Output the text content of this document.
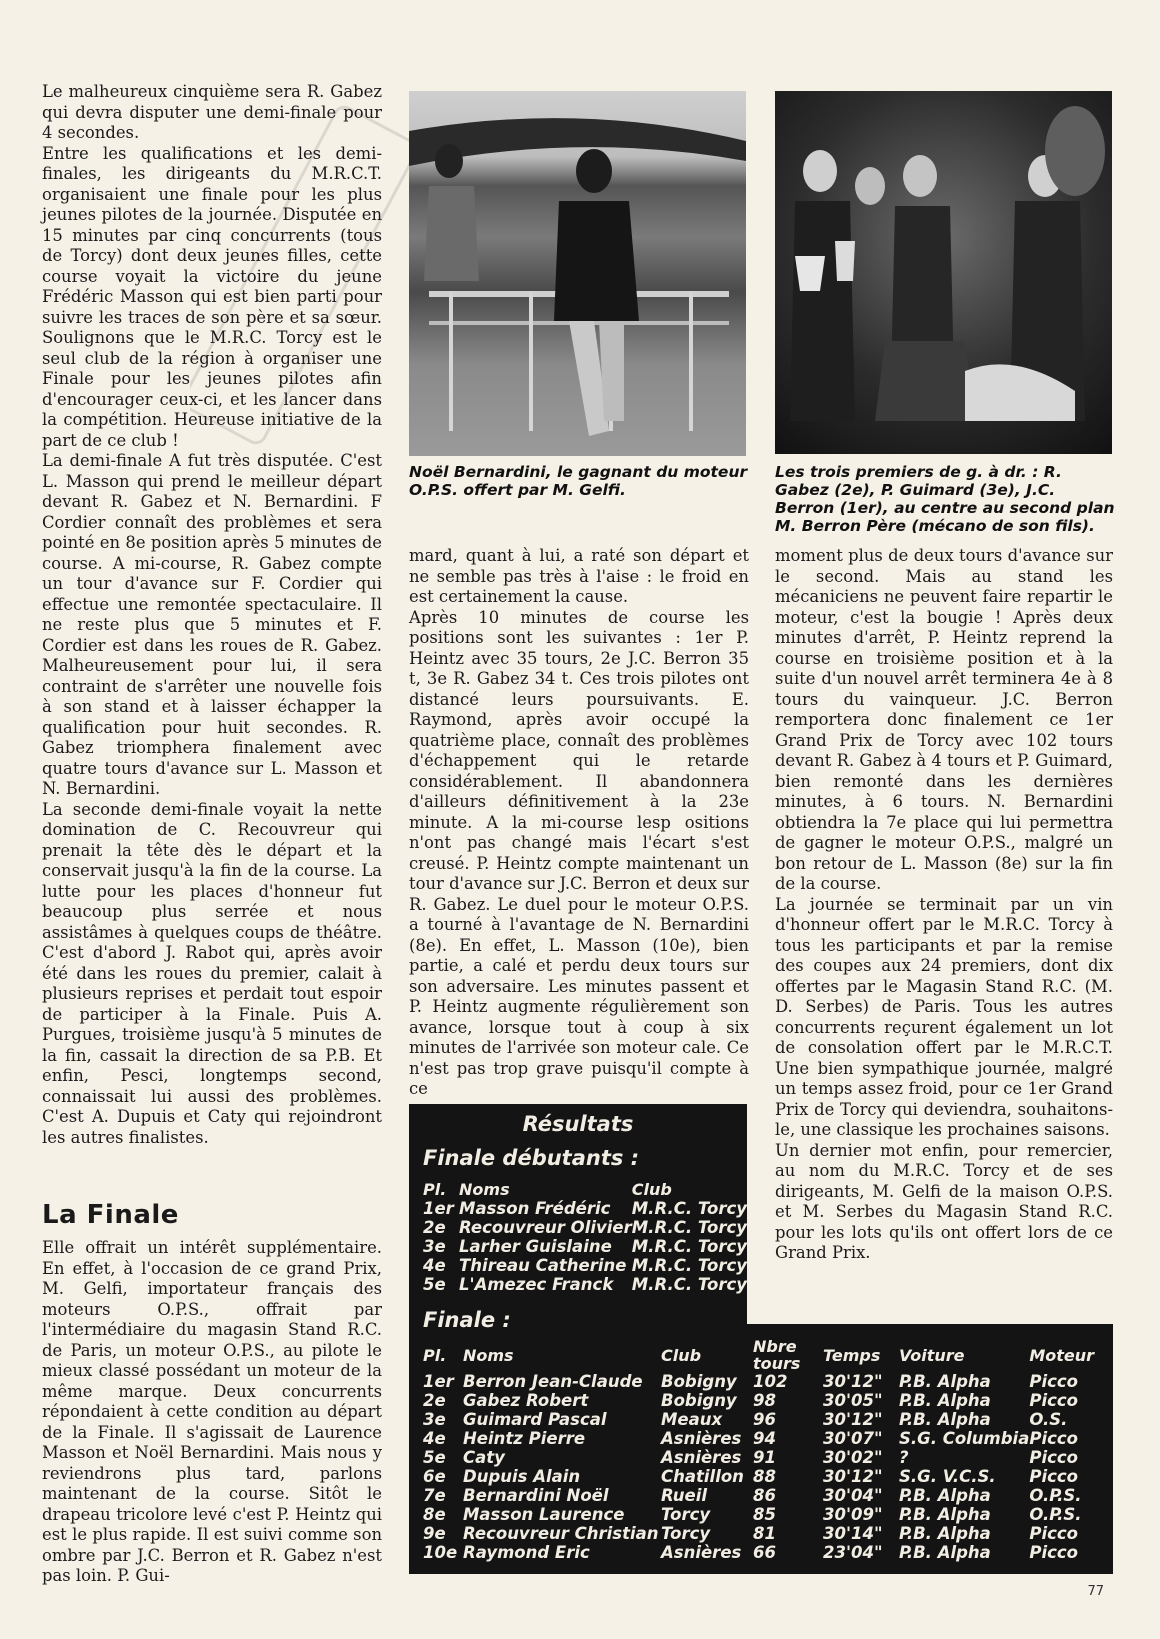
Le malheureux cinquième sera R. Gabez qui devra disputer une demi-finale pour 4 secondes.

Entre les qualifications et les demi-finales, les dirigeants du M.R.C.T. organisaient une finale pour les plus jeunes pilotes de la journée. Disputée en 15 minutes par cinq concurrents (tous de Torcy) dont deux jeunes filles, cette course voyait la victoire du jeune Frédéric Masson qui est bien parti pour suivre les traces de son père et sa sœur. Soulignons que le M.R.C. Torcy est le seul club de la région à organiser une Finale pour les jeunes pilotes afin d'encourager ceux-ci, et les lancer dans la compétition. Heureuse initiative de la part de ce club !

La demi-finale A fut très disputée. C'est L. Masson qui prend le meilleur départ devant R. Gabez et N. Bernardini. F Cordier connaît des problèmes et sera pointé en 8e position après 5 minutes de course. A mi-course, R. Gabez compte un tour d'avance sur F. Cordier qui effectue une remontée spectaculaire. Il ne reste plus que 5 minutes et F. Cordier est dans les roues de R. Gabez. Malheureusement pour lui, il sera contraint de s'arrêter une nouvelle fois à son stand et à laisser échapper la qualification pour huit secondes. R. Gabez triomphera finalement avec quatre tours d'avance sur L. Masson et N. Bernardini.

La seconde demi-finale voyait la nette domination de C. Recouvreur qui prenait la tête dès le départ et la conservait jusqu'à la fin de la course. La lutte pour les places d'honneur fut beaucoup plus serrée et nous assistâmes à quelques coups de théâtre. C'est d'abord J. Rabot qui, après avoir été dans les roues du premier, calait à plusieurs reprises et perdait tout espoir de participer à la Finale. Puis A. Purgues, troisième jusqu'à 5 minutes de la fin, cassait la direction de sa P.B. Et enfin, Pesci, longtemps second, connaissait lui aussi des problèmes. C'est A. Dupuis et Caty qui rejoindront les autres finalistes.

La Finale

Elle offrait un intérêt supplémentaire. En effet, à l'occasion de ce grand Prix, M. Gelfi, importateur français des moteurs O.P.S., offrait par l'intermédiaire du magasin Stand R.C. de Paris, un moteur O.P.S., au pilote le mieux classé possédant un moteur de la même marque. Deux concurrents répondaient à cette condition au départ de la Finale. Il s'agissait de Laurence Masson et Noël Bernardini. Mais nous y reviendrons plus tard, parlons maintenant de la course. Sitôt le drapeau tricolore levé c'est P. Heintz qui est le plus rapide. Il est suivi comme son ombre par J.C. Berron et R. Gabez n'est pas loin. P. Gui-

Noël Bernardini, le gagnant du moteur O.P.S. offert par M. Gelfi.
Les trois premiers de g. à dr. : R. Gabez (2e), P. Guimard (3e), J.C. Berron (1er), au centre au second plan M. Berron Père (mécano de son fils).

mard, quant à lui, a raté son départ et ne semble pas très à l'aise : le froid en est certainement la cause.

Après 10 minutes de course les positions sont les suivantes : 1er P. Heintz avec 35 tours, 2e J.C. Berron 35 t, 3e R. Gabez 34 t. Ces trois pilotes ont distancé leurs poursuivants. E. Raymond, après avoir occupé la quatrième place, connaît des problèmes d'échappement qui le retarde considérablement. Il abandonnera d'ailleurs définitivement à la 23e minute. A la mi-course lesp ositions n'ont pas changé mais l'écart s'est creusé. P. Heintz compte maintenant un tour d'avance sur J.C. Berron et deux sur R. Gabez. Le duel pour le moteur O.P.S. a tourné à l'avantage de N. Bernardini (8e). En effet, L. Masson (10e), bien partie, a calé et perdu deux tours sur son adversaire. Les minutes passent et P. Heintz augmente régulièrement son avance, lorsque tout à coup à six minutes de l'arrivée son moteur cale. Ce n'est pas trop grave puisqu'il compte à ce

moment plus de deux tours d'avance sur le second. Mais au stand les mécaniciens ne peuvent faire repartir le moteur, c'est la bougie ! Après deux minutes d'arrêt, P. Heintz reprend la course en troisième position et à la suite d'un nouvel arrêt terminera 4e à 8 tours du vainqueur. J.C. Berron remportera donc finalement ce 1er Grand Prix de Torcy avec 102 tours devant R. Gabez à 4 tours et P. Guimard, bien remonté dans les dernières minutes, à 6 tours. N. Bernardini obtiendra la 7e place qui lui permettra de gagner le moteur O.P.S., malgré un bon retour de L. Masson (8e) sur la fin de la course.

La journée se terminait par un vin d'honneur offert par le M.R.C. Torcy à tous les participants et par la remise des coupes aux 24 premiers, dont dix offertes par le Magasin Stand R.C. (M. D. Serbes) de Paris. Tous les autres concurrents reçurent également un lot de consolation offert par le M.R.C.T. Une bien sympathique journée, malgré un temps assez froid, pour ce 1er Grand Prix de Torcy qui deviendra, souhaitons-le, une classique les prochaines saisons.

Un dernier mot enfin, pour remercier, au nom du M.R.C. Torcy et de ses dirigeants, M. Gelfi de la maison O.P.S. et M. Serbes du Magasin Stand R.C. pour les lots qu'ils ont offert lors de ce Grand Prix.

Résultats
Finale débutants :
Pl.	Noms	Club
1er	Masson Frédéric	M.R.C. Torcy
2e	Recouvreur Olivier	M.R.C. Torcy
3e	Larher Guislaine	M.R.C. Torcy
4e	Thireau Catherine	M.R.C. Torcy
5e	L'Amezec Franck	M.R.C. Torcy
Finale :
Pl.	Noms	Club	Nbre tours	Temps	Voiture	Moteur
1er	Berron Jean-Claude	Bobigny	102	30'12"	P.B. Alpha	Picco
2e	Gabez Robert	Bobigny	98	30'05"	P.B. Alpha	Picco
3e	Guimard Pascal	Meaux	96	30'12"	P.B. Alpha	O.S.
4e	Heintz Pierre	Asnières	94	30'07"	S.G. Columbia	Picco
5e	Caty	Asnières	91	30'02"	?	Picco
6e	Dupuis Alain	Chatillon	88	30'12"	S.G. V.C.S.	Picco
7e	Bernardini Noël	Rueil	86	30'04"	P.B. Alpha	O.P.S.
8e	Masson Laurence	Torcy	85	30'09"	P.B. Alpha	O.P.S.
9e	Recouvreur Christian	Torcy	81	30'14"	P.B. Alpha	Picco
10e	Raymond Eric	Asnières	66	23'04"	P.B. Alpha	Picco
77
